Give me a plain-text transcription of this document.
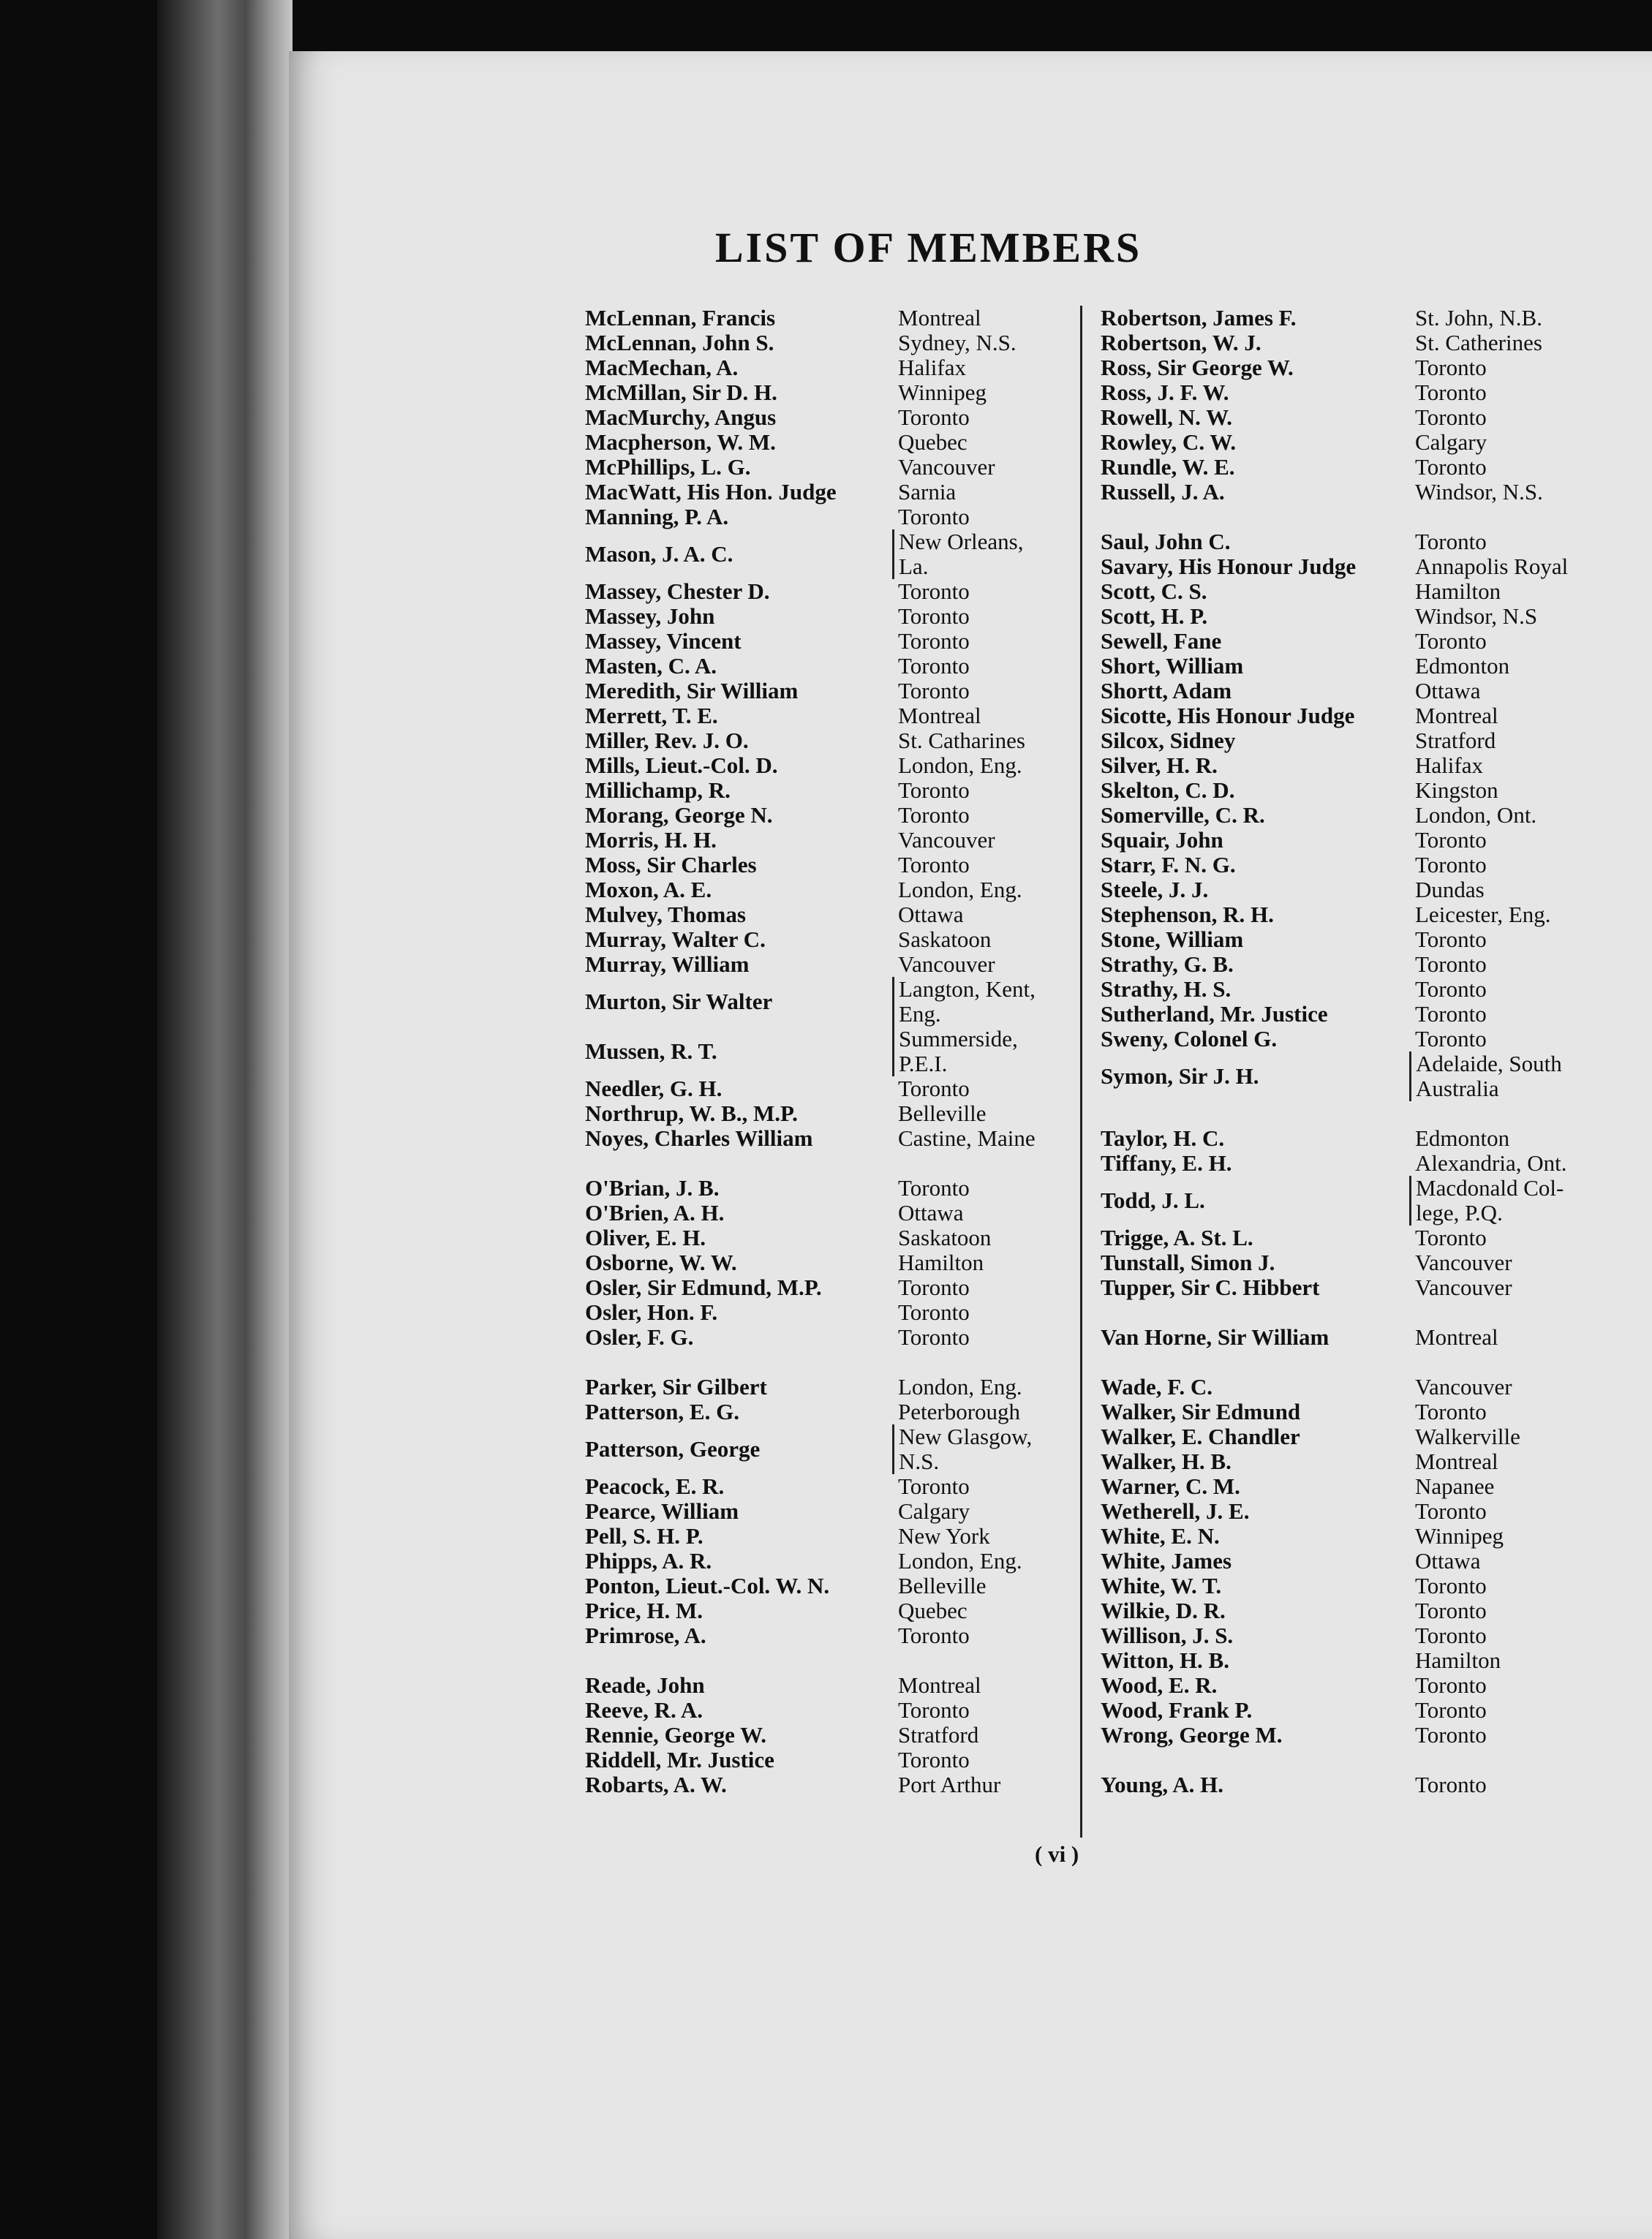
LIST OF MEMBERS
McLennan, Francis	Montreal
McLennan, John S.	Sydney, N.S.
MacMechan, A.	Halifax
McMillan, Sir D. H.	Winnipeg
MacMurchy, Angus	Toronto
Macpherson, W. M.	Quebec
McPhillips, L. G.	Vancouver
MacWatt, His Hon. Judge	Sarnia
Manning, P. A.	Toronto
Mason, J. A. C.	New Orleans,
La.
Massey, Chester D.	Toronto
Massey, John	Toronto
Massey, Vincent	Toronto
Masten, C. A.	Toronto
Meredith, Sir William	Toronto
Merrett, T. E.	Montreal
Miller, Rev. J. O.	St. Catharines
Mills, Lieut.-Col. D.	London, Eng.
Millichamp, R.	Toronto
Morang, George N.	Toronto
Morris, H. H.	Vancouver
Moss, Sir Charles	Toronto
Moxon, A. E.	London, Eng.
Mulvey, Thomas	Ottawa
Murray, Walter C.	Saskatoon
Murray, William	Vancouver
Murton, Sir Walter	Langton, Kent,
Eng.
Mussen, R. T.	Summerside,
P.E.I.
Needler, G. H.	Toronto
Northrup, W. B., M.P.	Belleville
Noyes, Charles William	Castine, Maine
O'Brian, J. B.	Toronto
O'Brien, A. H.	Ottawa
Oliver, E. H.	Saskatoon
Osborne, W. W.	Hamilton
Osler, Sir Edmund, M.P.	Toronto
Osler, Hon. F.	Toronto
Osler, F. G.	Toronto
Parker, Sir Gilbert	London, Eng.
Patterson, E. G.	Peterborough
Patterson, George	New Glasgow,
N.S.
Peacock, E. R.	Toronto
Pearce, William	Calgary
Pell, S. H. P.	New York
Phipps, A. R.	London, Eng.
Ponton, Lieut.-Col. W. N.	Belleville
Price, H. M.	Quebec
Primrose, A.	Toronto
Reade, John	Montreal
Reeve, R. A.	Toronto
Rennie, George W.	Stratford
Riddell, Mr. Justice	Toronto
Robarts, A. W.	Port Arthur
Robertson, James F.	St. John, N.B.
Robertson, W. J.	St. Catherines
Ross, Sir George W.	Toronto
Ross, J. F. W.	Toronto
Rowell, N. W.	Toronto
Rowley, C. W.	Calgary
Rundle, W. E.	Toronto
Russell, J. A.	Windsor, N.S.
Saul, John C.	Toronto
Savary, His Honour Judge	Annapolis Royal
Scott, C. S.	Hamilton
Scott, H. P.	Windsor, N.S
Sewell, Fane	Toronto
Short, William	Edmonton
Shortt, Adam	Ottawa
Sicotte, His Honour Judge	Montreal
Silcox, Sidney	Stratford
Silver, H. R.	Halifax
Skelton, C. D.	Kingston
Somerville, C. R.	London, Ont.
Squair, John	Toronto
Starr, F. N. G.	Toronto
Steele, J. J.	Dundas
Stephenson, R. H.	Leicester, Eng.
Stone, William	Toronto
Strathy, G. B.	Toronto
Strathy, H. S.	Toronto
Sutherland, Mr. Justice	Toronto
Sweny, Colonel G.	Toronto
Symon, Sir J. H.	Adelaide, South
Australia
Taylor, H. C.	Edmonton
Tiffany, E. H.	Alexandria, Ont.
Todd, J. L.	Macdonald Col-
lege, P.Q.
Trigge, A. St. L.	Toronto
Tunstall, Simon J.	Vancouver
Tupper, Sir C. Hibbert	Vancouver
Van Horne, Sir William	Montreal
Wade, F. C.	Vancouver
Walker, Sir Edmund	Toronto
Walker, E. Chandler	Walkerville
Walker, H. B.	Montreal
Warner, C. M.	Napanee
Wetherell, J. E.	Toronto
White, E. N.	Winnipeg
White, James	Ottawa
White, W. T.	Toronto
Wilkie, D. R.	Toronto
Willison, J. S.	Toronto
Witton, H. B.	Hamilton
Wood, E. R.	Toronto
Wood, Frank P.	Toronto
Wrong, George M.	Toronto
Young, A. H.	Toronto
( vi )
